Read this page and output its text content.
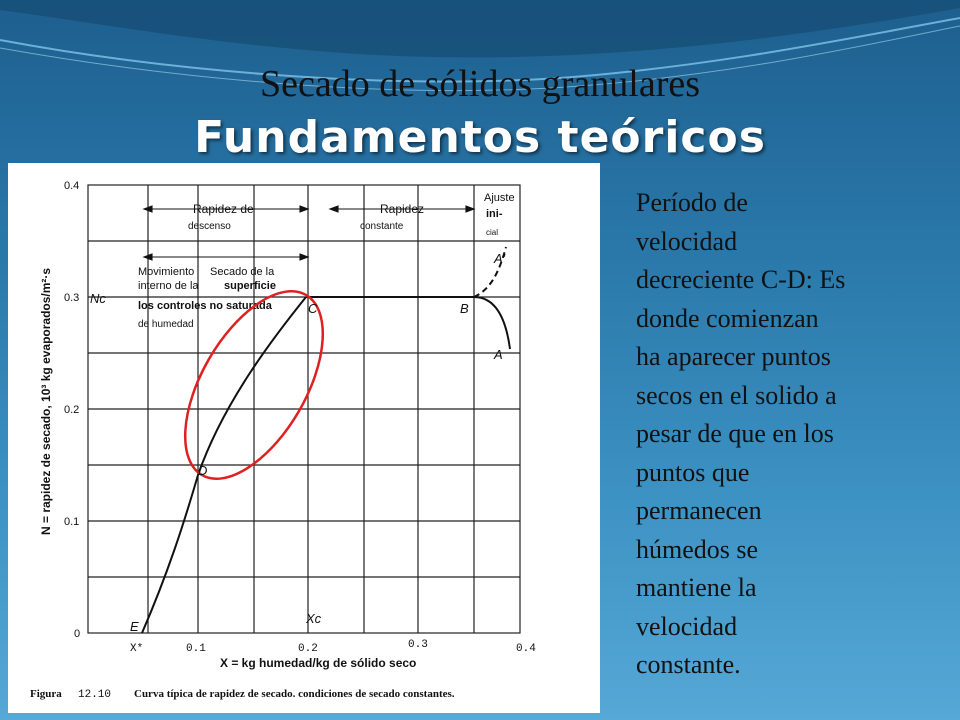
Secado de sólidos granulares
Fundamentos teóricos
Rapidez de
descenso
Rapidez
constante
Ajuste
ini-
cial
Movimiento
interno de la
Secado de la
superficie
los controles no saturada
de humedad
Nc
C	B
A'
A
D
E
Xc
0.4
0.3
0.2
0.1
0
N = rapidez de secado, 10³ kg evaporados/m²·s
X*	0.1	0.2	0.3	0.4
X = kg humedad/kg de sólido seco
Figura 12.10 Curva típica de rapidez de secado. condiciones de secado constantes.
Período de
velocidad
decreciente C-D: Es
donde comienzan
ha aparecer puntos
secos en el solido a
pesar de que en los
puntos que
permanecen
húmedos se
mantiene la
velocidad
constante.
